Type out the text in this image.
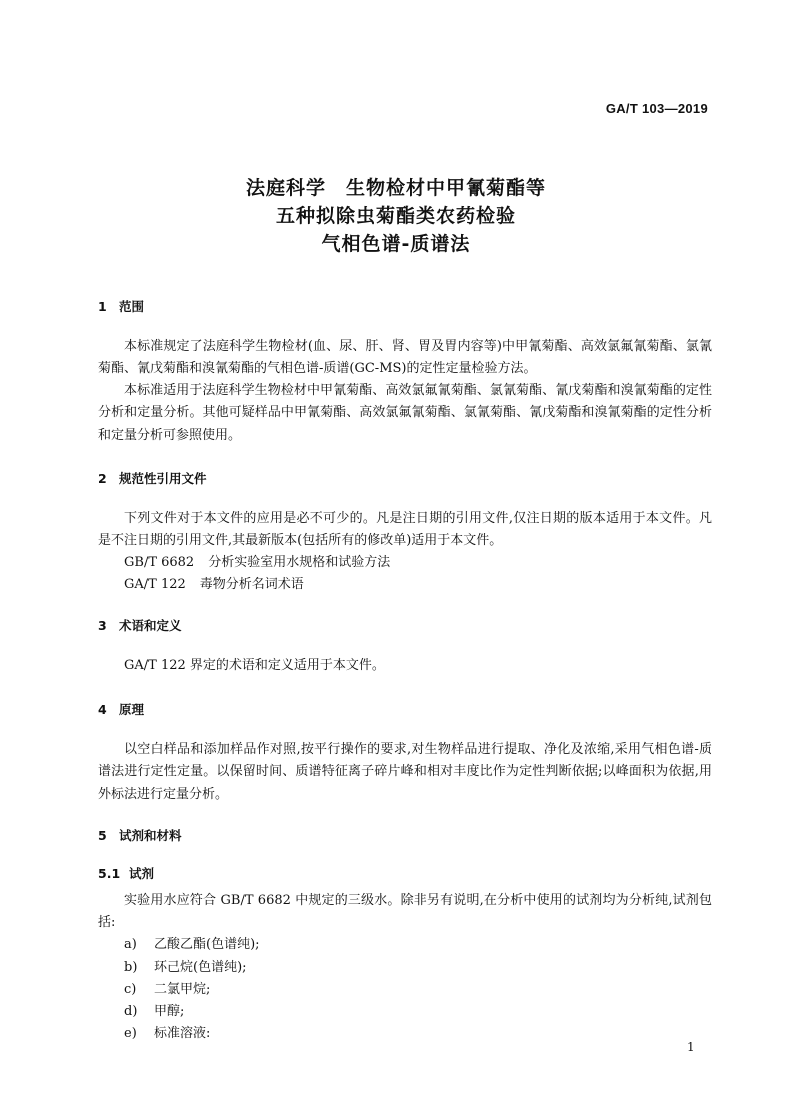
GA/T 103—2019
法庭科学　生物检材中甲氰菊酯等
五种拟除虫菊酯类农药检验
气相色谱-质谱法
1 范围
本标准规定了法庭科学生物检材(血、尿、肝、肾、胃及胃内容等)中甲氰菊酯、高效氯氟氰菊酯、氯氰菊酯、氰戊菊酯和溴氰菊酯的气相色谱-质谱(GC-MS)的定性定量检验方法。
本标准适用于法庭科学生物检材中甲氰菊酯、高效氯氟氰菊酯、氯氰菊酯、氰戊菊酯和溴氰菊酯的定性分析和定量分析。其他可疑样品中甲氰菊酯、高效氯氟氰菊酯、氯氰菊酯、氰戊菊酯和溴氰菊酯的定性分析和定量分析可参照使用。
2 规范性引用文件
下列文件对于本文件的应用是必不可少的。凡是注日期的引用文件,仅注日期的版本适用于本文件。凡是不注日期的引用文件,其最新版本(包括所有的修改单)适用于本文件。
GB/T 6682 分析实验室用水规格和试验方法
GA/T 122 毒物分析名词术语
3 术语和定义
GA/T 122 界定的术语和定义适用于本文件。
4 原理
以空白样品和添加样品作对照,按平行操作的要求,对生物样品进行提取、净化及浓缩,采用气相色谱-质谱法进行定性定量。以保留时间、质谱特征离子碎片峰和相对丰度比作为定性判断依据;以峰面积为依据,用外标法进行定量分析。
5 试剂和材料
5.1 试剂
实验用水应符合 GB/T 6682 中规定的三级水。除非另有说明,在分析中使用的试剂均为分析纯,试剂包括:
a) 乙酸乙酯(色谱纯);
b) 环己烷(色谱纯);
c) 二氯甲烷;
d) 甲醇;
e) 标准溶液:
1
